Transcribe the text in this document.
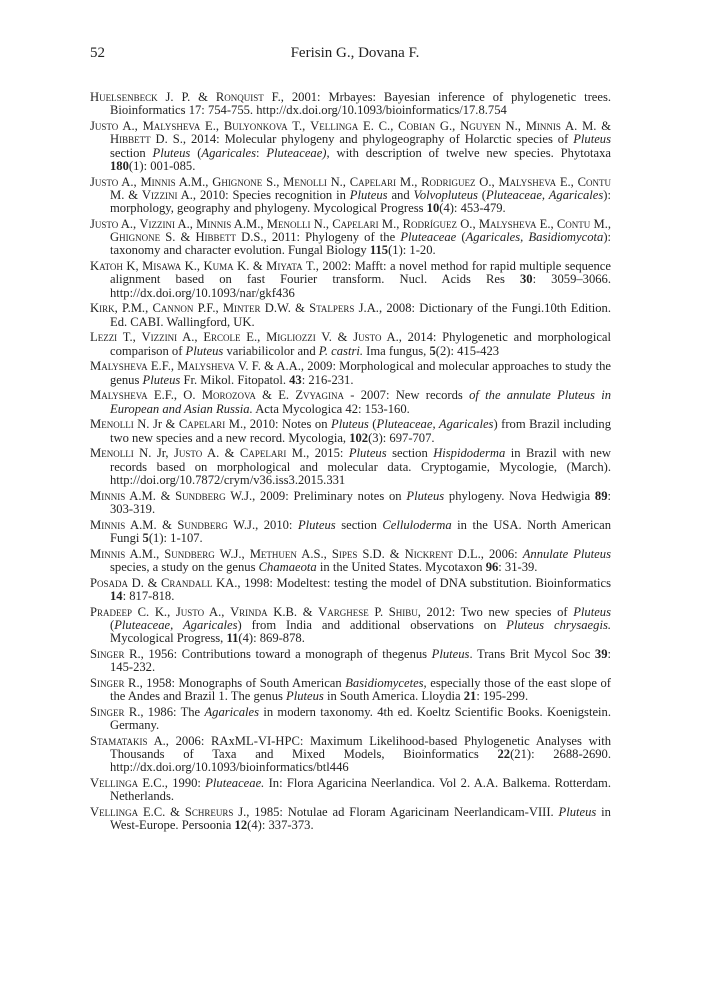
52	Ferisin G., Dovana F.

Huelsenbeck J. P. & Ronquist F., 2001: Mrbayes: Bayesian inference of phylogenetic trees. Bioinformatics 17: 754-755. http://dx.doi.org/10.1093/bioinformatics/17.8.754

Justo A., Malysheva E., Bulyonkova T., Vellinga E. C., Cobian G., Nguyen N., Minnis A. M. & Hibbett D. S., 2014: Molecular phylogeny and phylogeography of Holarctic species of Pluteus section Pluteus (Agaricales: Pluteaceae), with description of twelve new species. Phytotaxa 180(1): 001-085.

Justo A., Minnis A.M., Ghignone S., Menolli N., Capelari M., Rodriguez O., Malysheva E., Contu M. & Vizzini A., 2010: Species recognition in Pluteus and Volvopluteus (Pluteaceae, Agaricales): morphology, geography and phylogeny. Mycological Progress 10(4): 453-479.

Justo A., Vizzini A., Minnis A.M., Menolli N., Capelari M., Rodríguez O., Malysheva E., Contu M., Ghignone S. & Hibbett D.S., 2011: Phylogeny of the Pluteaceae (Agaricales, Basidiomycota): taxonomy and character evolution. Fungal Biology 115(1): 1-20.

Katoh K, Misawa K., Kuma K. & Miyata T., 2002: Mafft: a novel method for rapid multiple sequence alignment based on fast Fourier transform. Nucl. Acids Res 30: 3059–3066. http://dx.doi.org/10.1093/nar/gkf436

Kirk, P.M., Cannon P.F., Minter D.W. & Stalpers J.A., 2008: Dictionary of the Fungi.10th Edition. Ed. CABI. Wallingford, UK.

Lezzi T., Vizzini A., Ercole E., Migliozzi V. & Justo A., 2014: Phylogenetic and morphological comparison of Pluteus variabilicolor and P. castri. Ima fungus, 5(2): 415-423

Malysheva E.F., Malysheva V. F. & A.A., 2009: Morphological and molecular approaches to study the genus Pluteus Fr. Mikol. Fitopatol. 43: 216-231.

Malysheva E.F., O. Morozova & E. Zvyagina - 2007: New records of the annulate Pluteus in European and Asian Russia. Acta Mycologica 42: 153-160.

Menolli N. Jr & Capelari M., 2010: Notes on Pluteus (Pluteaceae, Agaricales) from Brazil including two new species and a new record. Mycologia, 102(3): 697-707.

Menolli N. Jr, Justo A. & Capelari M., 2015: Pluteus section Hispidoderma in Brazil with new records based on morphological and molecular data. Cryptogamie, Mycologie, (March). http://doi.org/10.7872/crym/v36.iss3.2015.331

Minnis A.M. & Sundberg W.J., 2009: Preliminary notes on Pluteus phylogeny. Nova Hedwigia 89: 303-319.

Minnis A.M. & Sundberg W.J., 2010: Pluteus section Celluloderma in the USA. North American Fungi 5(1): 1-107.

Minnis A.M., Sundberg W.J., Methuen A.S., Sipes S.D. & Nickrent D.L., 2006: Annulate Pluteus species, a study on the genus Chamaeota in the United States. Mycotaxon 96: 31-39.

Posada D. & Crandall KA., 1998: Modeltest: testing the model of DNA substitution. Bioinformatics 14: 817-818.

Pradeep C. K., Justo A., Vrinda K.B. & Varghese P. Shibu, 2012: Two new species of Pluteus (Pluteaceae, Agaricales) from India and additional observations on Pluteus chrysaegis. Mycological Progress, 11(4): 869-878.

Singer R., 1956: Contributions toward a monograph of thegenus Pluteus. Trans Brit Mycol Soc 39: 145-232.

Singer R., 1958: Monographs of South American Basidiomycetes, especially those of the east slope of the Andes and Brazil 1. The genus Pluteus in South America. Lloydia 21: 195-299.

Singer R., 1986: The Agaricales in modern taxonomy. 4th ed. Koeltz Scientific Books. Koenigstein. Germany.

Stamatakis A., 2006: RAxML-VI-HPC: Maximum Likelihood-based Phylogenetic Analyses with Thousands of Taxa and Mixed Models, Bioinformatics 22(21): 2688-2690. http://dx.doi.org/10.1093/bioinformatics/btl446

Vellinga E.C., 1990: Pluteaceae. In: Flora Agaricina Neerlandica. Vol 2. A.A. Balkema. Rotterdam. Netherlands.

Vellinga E.C. & Schreurs J., 1985: Notulae ad Floram Agaricinam Neerlandicam-VIII. Pluteus in West-Europe. Persoonia 12(4): 337-373.
